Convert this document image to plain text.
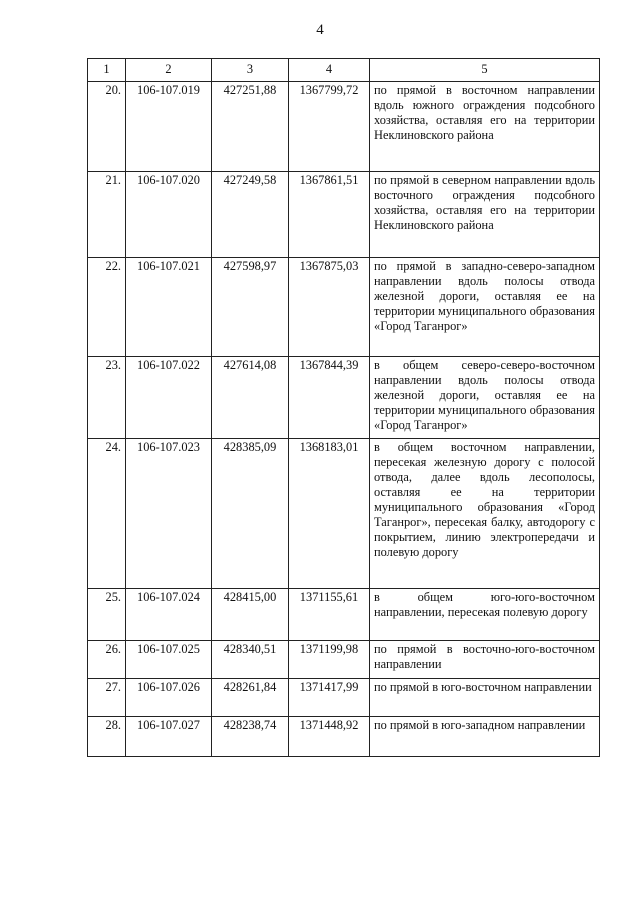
4
1	2	3	4	5
20.	106-107.019	427251,88	1367799,72	по прямой в восточном направлении вдоль южного ограждения подсобного хозяйства, оставляя его на территории Неклиновского района
21.	106-107.020	427249,58	1367861,51	по прямой в северном направлении вдоль восточного ограждения подсобного хозяйства, оставляя его на территории Неклиновского района
22.	106-107.021	427598,97	1367875,03	по прямой в западно-северо-западном направлении вдоль полосы отвода железной дороги, оставляя ее на территории муниципального образования «Город Таганрог»
23.	106-107.022	427614,08	1367844,39	в общем северо-северо-восточном направлении вдоль полосы отвода железной дороги, оставляя ее на территории муниципального образования «Город Таганрог»
24.	106-107.023	428385,09	1368183,01	в общем восточном направлении, пересекая железную дорогу с полосой отвода, далее вдоль лесополосы, оставляя ее на территории муниципального образования «Город Таганрог», пересекая балку, автодорогу с покрытием, линию электропередачи и полевую дорогу
25.	106-107.024	428415,00	1371155,61	в общем юго-юго-восточном направлении, пересекая полевую дорогу
26.	106-107.025	428340,51	1371199,98	по прямой в восточно-юго-восточном направлении
27.	106-107.026	428261,84	1371417,99	по прямой в юго-восточном направлении
28.	106-107.027	428238,74	1371448,92	по прямой в юго-западном направлении
